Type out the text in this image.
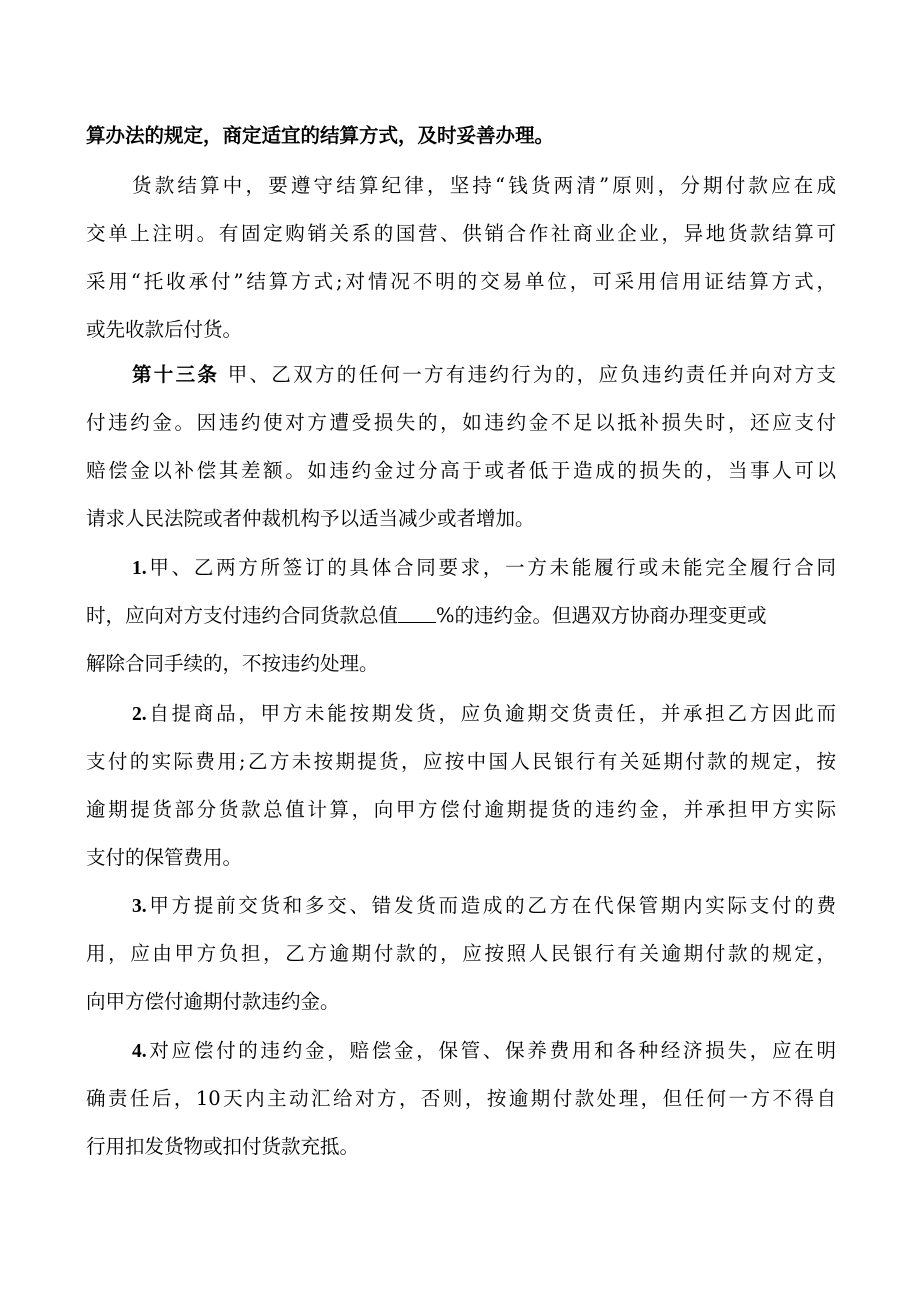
算办法的规定，商定适宜的结算方式，及时妥善办理。
货款结算中，要遵守结算纪律，坚持“钱货两清”原则，分期付款应在成
交单上注明。有固定购销关系的国营、供销合作社商业企业，异地货款结算可
采用“托收承付”结算方式;对情况不明的交易单位，可采用信用证结算方式，
或先收款后付货。
第十三条 甲、乙双方的任何一方有违约行为的，应负违约责任并向对方支
付违约金。因违约使对方遭受损失的，如违约金不足以抵补损失时，还应支付
赔偿金以补偿其差额。如违约金过分高于或者低于造成的损失的，当事人可以
请求人民法院或者仲裁机构予以适当减少或者增加。
1.甲、乙两方所签订的具体合同要求，一方未能履行或未能完全履行合同
时，应向对方支付违约合同货款总值 %的违约金。但遇双方协商办理变更或
解除合同手续的，不按违约处理。
2.自提商品，甲方未能按期发货，应负逾期交货责任，并承担乙方因此而
支付的实际费用;乙方未按期提货，应按中国人民银行有关延期付款的规定，按
逾期提货部分货款总值计算，向甲方偿付逾期提货的违约金，并承担甲方实际
支付的保管费用。
3.甲方提前交货和多交、错发货而造成的乙方在代保管期内实际支付的费
用，应由甲方负担，乙方逾期付款的，应按照人民银行有关逾期付款的规定，
向甲方偿付逾期付款违约金。
4.对应偿付的违约金，赔偿金，保管、保养费用和各种经济损失，应在明
确责任后，10天内主动汇给对方，否则，按逾期付款处理，但任何一方不得自
行用扣发货物或扣付货款充抵。
